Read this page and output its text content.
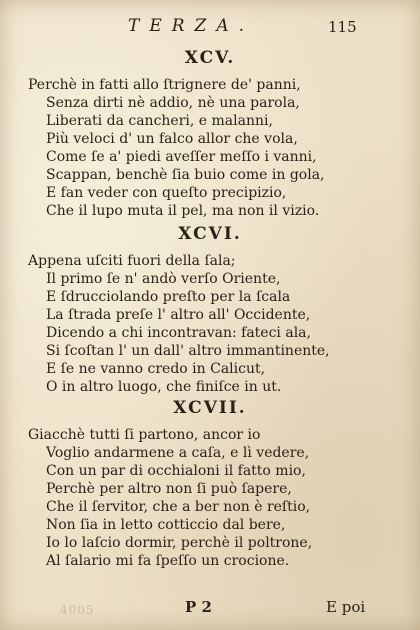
TERZA.	115
XCV.
Perchè in fatti allo ſtrignere de' panni,
Senza dirti nè addio, nè una parola,
Liberati da cancheri, e malanni,
Più veloci d' un falco allor che vola,
Come ſe a' piedi aveſſer meſſo i vanni,
Scappan, benchè ſia buio come in gola,
E fan veder con queſto precipizio,
Che il lupo muta il pel, ma non il vizio.
XCVI.
Appena uſciti fuori della ſala;
Il primo ſe n' andò verſo Oriente,
E ſdrucciolando preſto per la ſcala
La ſtrada preſe l' altro all' Occidente,
Dicendo a chi incontravan: fateci ala,
Si ſcoſtan l' un dall' altro immantinente,
E ſe ne vanno credo in Calicut,
O in altro luogo, che finiſce in ut.
XCVII.
Giacchè tutti ſi partono, ancor io
Voglio andarmene a caſa, e lì vedere,
Con un par di occhialoni il fatto mio,
Perchè per altro non ſi può ſapere,
Che il ſervitor, che a ber non è reſtio,
Non ſia in letto cotticcio dal bere,
Io lo laſcio dormir, perchè il poltrone,
Al ſalario mi fa ſpeſſo un crocione.
4005	P 2	E poi
